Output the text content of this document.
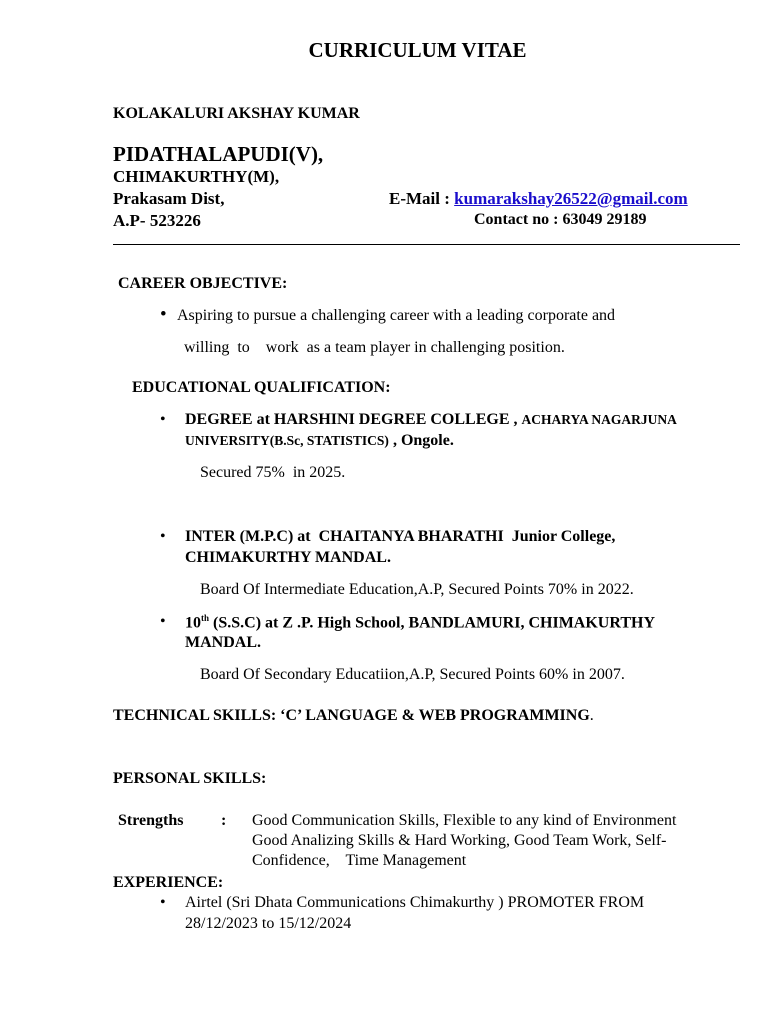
CURRICULUM VITAE
KOLAKALURI AKSHAY KUMAR
PIDATHALAPUDI(V),
CHIMAKURTHY(M),
Prakasam Dist,
A.P- 523226
E-Mail : kumarakshay26522@gmail.com
Contact no : 63049 29189
CAREER OBJECTIVE:
• Aspiring to pursue a challenging career with a leading corporate and
willing  to    work  as a team player in challenging position.
EDUCATIONAL QUALIFICATION:
• DEGREE at HARSHINI DEGREE COLLEGE , ACHARYA NAGARJUNA
UNIVERSITY(B.Sc, STATISTICS) , Ongole.
Secured 75%  in 2025.
• INTER (M.P.C) at  CHAITANYA BHARATHI  Junior College,
CHIMAKURTHY MANDAL.
Board Of Intermediate Education,A.P, Secured Points 70% in 2022.
• 10th (S.S.C) at Z .P. High School, BANDLAMURI, CHIMAKURTHY
MANDAL.
Board Of Secondary Educatiion,A.P, Secured Points 60% in 2007.
TECHNICAL SKILLS: ‘C’ LANGUAGE & WEB PROGRAMMING.
PERSONAL SKILLS:
Strengths : Good Communication Skills, Flexible to any kind of Environment
Good Analizing Skills & Hard Working, Good Team Work, Self-
Confidence,    Time Management
EXPERIENCE:
• Airtel (Sri Dhata Communications Chimakurthy ) PROMOTER FROM
28/12/2023 to 15/12/2024
